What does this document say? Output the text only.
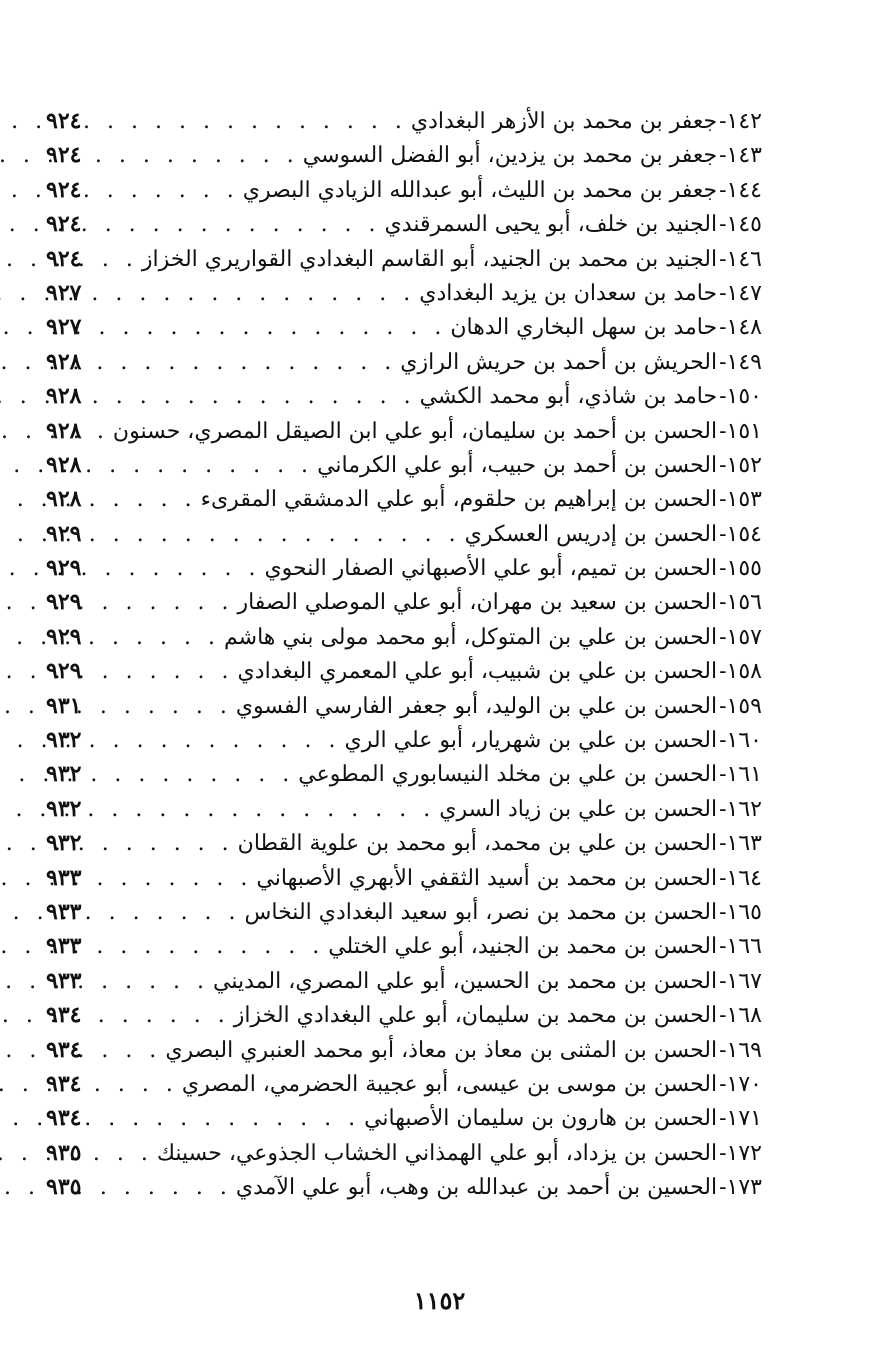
١٤٢-
جعفر بن محمد بن الأزهر البغدادي
. . .
٩٢٤
١٤٣-
جعفر بن محمد بن يزدين، أبو الفضل السوسي
. . .
٩٢٤
١٤٤-
جعفر بن محمد بن الليث، أبو عبدالله الزيادي البصري
. . .
٩٢٤
١٤٥-
الجنيد بن خلف، أبو يحيى السمرقندي
. . .
٩٢٤
١٤٦-
الجنيد بن محمد بن الجنيد، أبو القاسم البغدادي القواريري الخزاز
. . .
٩٢٤
١٤٧-
حامد بن سعدان بن يزيد البغدادي
. . .
٩٢٧
١٤٨-
حامد بن سهل البخاري الدهان
. . .
٩٢٧
١٤٩-
الحريش بن أحمد بن حريش الرازي
. . .
٩٢٨
١٥٠-
حامد بن شاذي، أبو محمد الكشي
. . .
٩٢٨
١٥١-
الحسن بن أحمد بن سليمان، أبو علي ابن الصيقل المصري، حسنون
. . .
٩٢٨
١٥٢-
الحسن بن أحمد بن حبيب، أبو علي الكرماني
. . .
٩٢٨
١٥٣-
الحسن بن إبراهيم بن حلقوم، أبو علي الدمشقي المقرىء
. . .
٩٢٨
١٥٤-
الحسن بن إدريس العسكري
. . .
٩٢٩
١٥٥-
الحسن بن تميم، أبو علي الأصبهاني الصفار النحوي
. . .
٩٢٩
١٥٦-
الحسن بن سعيد بن مهران، أبو علي الموصلي الصفار
. . .
٩٢٩
١٥٧-
الحسن بن علي بن المتوكل، أبو محمد مولى بني هاشم
. . .
٩٢٩
١٥٨-
الحسن بن علي بن شبيب، أبو علي المعمري البغدادي
. . .
٩٢٩
١٥٩-
الحسن بن علي بن الوليد، أبو جعفر الفارسي الفسوي
. . .
٩٣١
١٦٠-
الحسن بن علي بن شهريار، أبو علي الري
. . .
٩٣٢
١٦١-
الحسن بن علي بن مخلد النيسابوري المطوعي
. . .
٩٣٢
١٦٢-
الحسن بن علي بن زياد السري
. . .
٩٣٢
١٦٣-
الحسن بن علي بن محمد، أبو محمد بن علوية القطان
. . .
٩٣٢
١٦٤-
الحسن بن محمد بن أسيد الثقفي الأبهري الأصبهاني
. . .
٩٣٣
١٦٥-
الحسن بن محمد بن نصر، أبو سعيد البغدادي النخاس
. . .
٩٣٣
١٦٦-
الحسن بن محمد بن الجنيد، أبو علي الختلي
. . .
٩٣٣
١٦٧-
الحسن بن محمد بن الحسين، أبو علي المصري، المديني
. . .
٩٣٣
١٦٨-
الحسن بن محمد بن سليمان، أبو علي البغدادي الخزاز
. . .
٩٣٤
١٦٩-
الحسن بن المثنى بن معاذ بن معاذ، أبو محمد العنبري البصري
. . .
٩٣٤
١٧٠-
الحسن بن موسى بن عيسى، أبو عجيبة الحضرمي، المصري
. . .
٩٣٤
١٧١-
الحسن بن هارون بن سليمان الأصبهاني
. . .
٩٣٤
١٧٢-
الحسن بن يزداد، أبو علي الهمذاني الخشاب الجذوعي، حسينك
. . .
٩٣٥
١٧٣-
الحسين بن أحمد بن عبدالله بن وهب، أبو علي الآمدي
. . .
٩٣٥
١١٥٢
